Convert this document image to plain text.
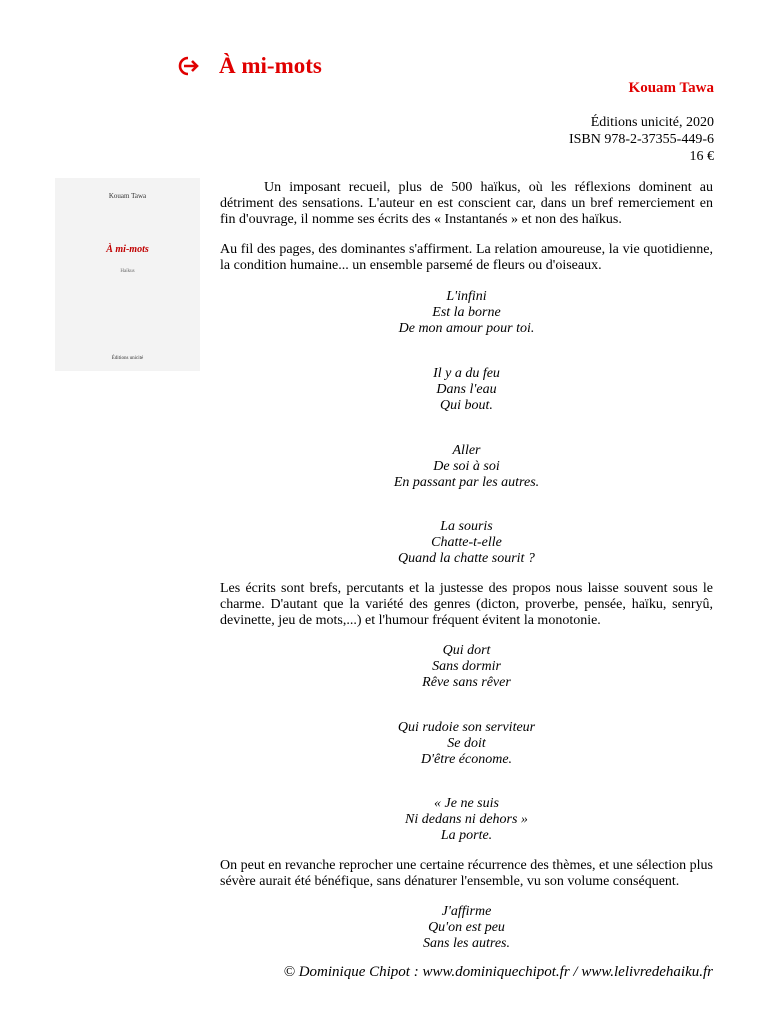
À mi-mots
Kouam Tawa
Éditions unicité, 2020
ISBN 978-2-37355-449-6
16 €
Kouam Tawa
À mi-mots
Haïkus
Éditions unicité

Un imposant recueil, plus de 500 haïkus, où les réflexions dominent au détriment des sensations. L'auteur en est conscient car, dans un bref remerciement en fin d'ouvrage, il nomme ses écrits des « Instantanés » et non des haïkus.

Au fil des pages, des dominantes s'affirment. La relation amoureuse, la vie quotidienne, la condition humaine... un ensemble parsemé de fleurs ou d'oiseaux.

L'infini
Est la borne
De mon amour pour toi.
Il y a du feu
Dans l'eau
Qui bout.
Aller
De soi à soi
En passant par les autres.
La souris
Chatte-t-elle
Quand la chatte sourit ?

Les écrits sont brefs, percutants et la justesse des propos nous laisse souvent sous le charme. D'autant que la variété des genres (dicton, proverbe, pensée, haïku, senryû, devinette, jeu de mots,...) et l'humour fréquent évitent la monotonie.

Qui dort
Sans dormir
Rêve sans rêver
Qui rudoie son serviteur
Se doit
D'être économe.
« Je ne suis
Ni dedans ni dehors »
La porte.

On peut en revanche reprocher une certaine récurrence des thèmes, et une sélection plus sévère aurait été bénéfique, sans dénaturer l'ensemble, vu son volume conséquent.

J'affirme
Qu'on est peu
Sans les autres.
© Dominique Chipot : www.dominiquechipot.fr / www.lelivredehaiku.fr
